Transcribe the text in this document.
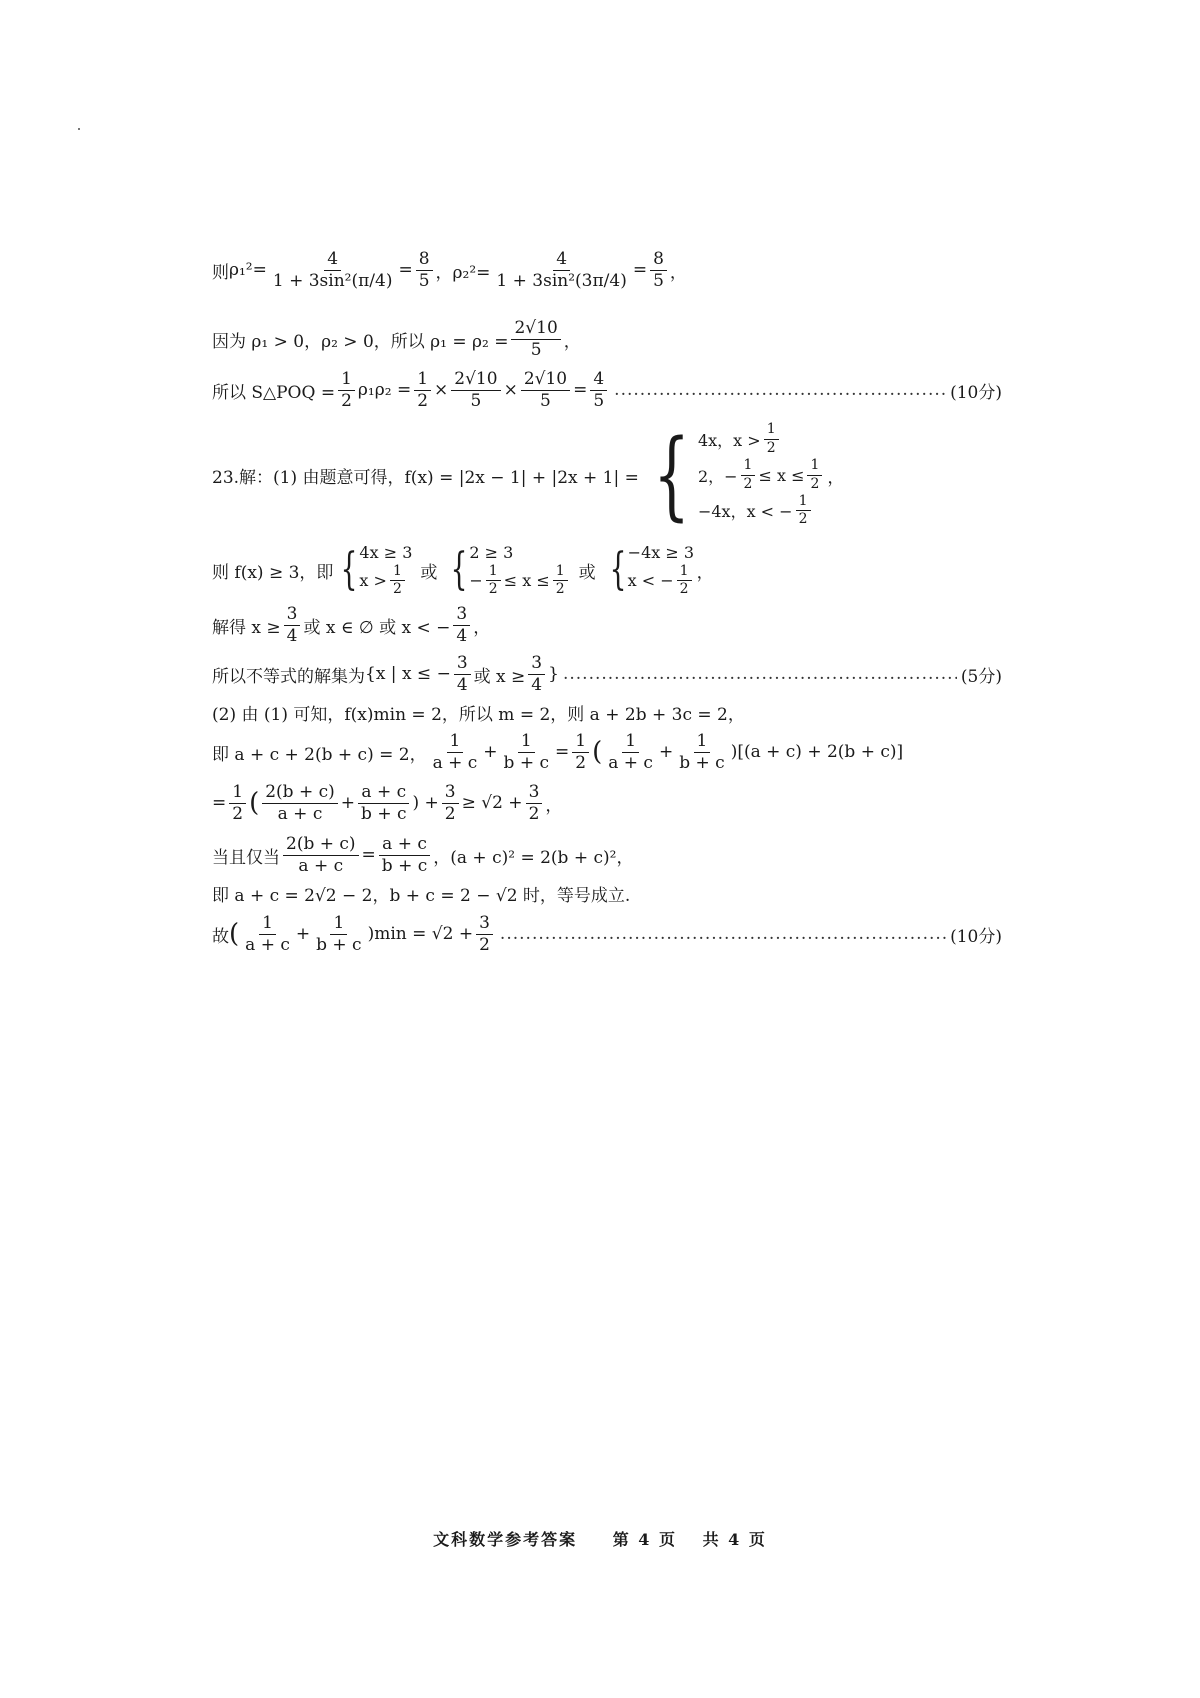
则 $\rho_1^2= \frac{4}{\text{1 + 3sin²(π/4)}} = \frac{8}{5}$ ，$\rho_2^2= \frac{4}{\text{1 + 3sin²(3π/4)}} = \frac{8}{5}$ ，
因为 ρ₁ > 0，ρ₂ > 0，所以 $\rho_1 = \rho_2 = \frac{2√10}{5}$ ，
所以 S△POQ = $\frac{1}{2} \rho_1\rho_2 = \frac{1}{2} \times \frac{2√10}{5} \times \frac{2√10}{5} = \frac{4}{5}$ .....	(10分)
23.解：(1) 由题意可得，f(x) = |2x − 1| + |2x + 1| = { 4x，$x > \frac{1}{2}$
2，− $\frac{1}{2} \le x \le \frac{1}{2}$
−4x，x < − $\frac{1}{2}$
，
则 f(x) ≥ 3，即 { 4x ≥ 3
$x > \frac{1}{2}$ 或 { 2 ≥ 3
− $\frac{1}{2} \le x \le \frac{1}{2}$ 或 { −4x ≥ 3
x < − $\frac{1}{2}$ ，
解得 $x \ge \frac{3}{4}$ 或 x ∈ ∅ 或 x < − $\frac{3}{4}$ ，
所以不等式的解集为 {x | x ≤ − $\frac{3}{4}$ 或 $x \ge \frac{3}{4}$ } .....	(5分)
(2) 由 (1) 可知，f(x)min = 2，所以 m = 2，则 a + 2b + 3c = 2，
即 a + c + 2(b + c) = 2， $\frac{1}{a + c} + \frac{1}{b + c} = \frac{1}{2}$ ( $\frac{1}{a + c} + \frac{1}{b + c} )[(a + c) + 2(b + c)]$
= $\frac{1}{2}$ ( $\frac{2(b + c)}{a + c} + \frac{a + c}{b + c}$ ) + $\frac{3}{2} \ge √2 + \frac{3}{2}$ ，
当且仅当 $\frac{2(b + c)}{a + c} = \frac{a + c}{b + c}$ ，(a + c)² = 2(b + c)²，
即 a + c = 2√2 − 2，b + c = 2 − √2 时，等号成立.
故 ( $\frac{1}{a + c} + \frac{1}{b + c} )\min = √2 + \frac{3}{2}$ .....	(10分)
文科数学参考答案 第 4 页 共 4 页
